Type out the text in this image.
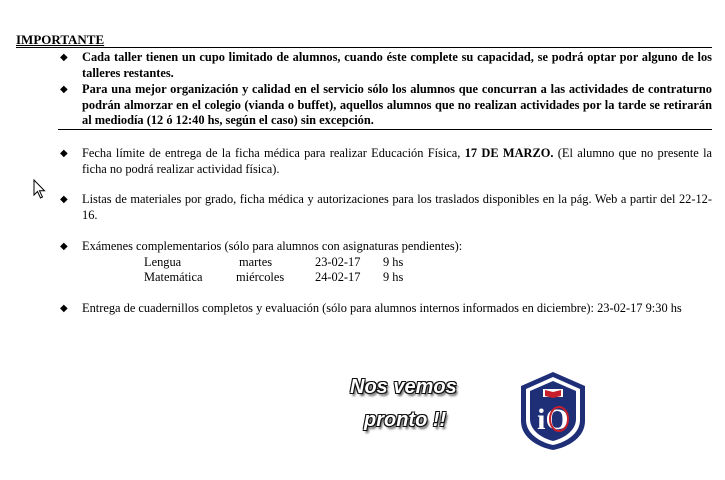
IMPORTANTE
◆	Cada taller tienen un cupo limitado de alumnos, cuando éste complete su capacidad, se podrá optar por alguno de los talleres restantes.
◆	Para una mejor organización y calidad en el servicio sólo los alumnos que concurran a las actividades de contraturno podrán almorzar en el colegio (vianda o buffet), aquellos alumnos que no realizan actividades por la tarde se retirarán al mediodía (12 ó 12:40 hs, según el caso) sin excepción.
◆	Fecha límite de entrega de la ficha médica para realizar Educación Física, 17 DE MARZO. (El alumno que no presente la ficha no podrá realizar actividad física).
◆	Listas de materiales por grado, ficha médica y autorizaciones para los traslados disponibles en la pág. Web a partir del 22-12-16.
◆	Exámenes complementarios (sólo para alumnos con asignaturas pendientes):
Lengua	martes	23-02-17 9 hs
Matemática	miércoles 24-02-17 9 hs
◆	Entrega de cuadernillos completos y evaluación (sólo para alumnos internos informados en diciembre): 23-02-17 9:30 hs
Nos vemos
pronto !!	iO
